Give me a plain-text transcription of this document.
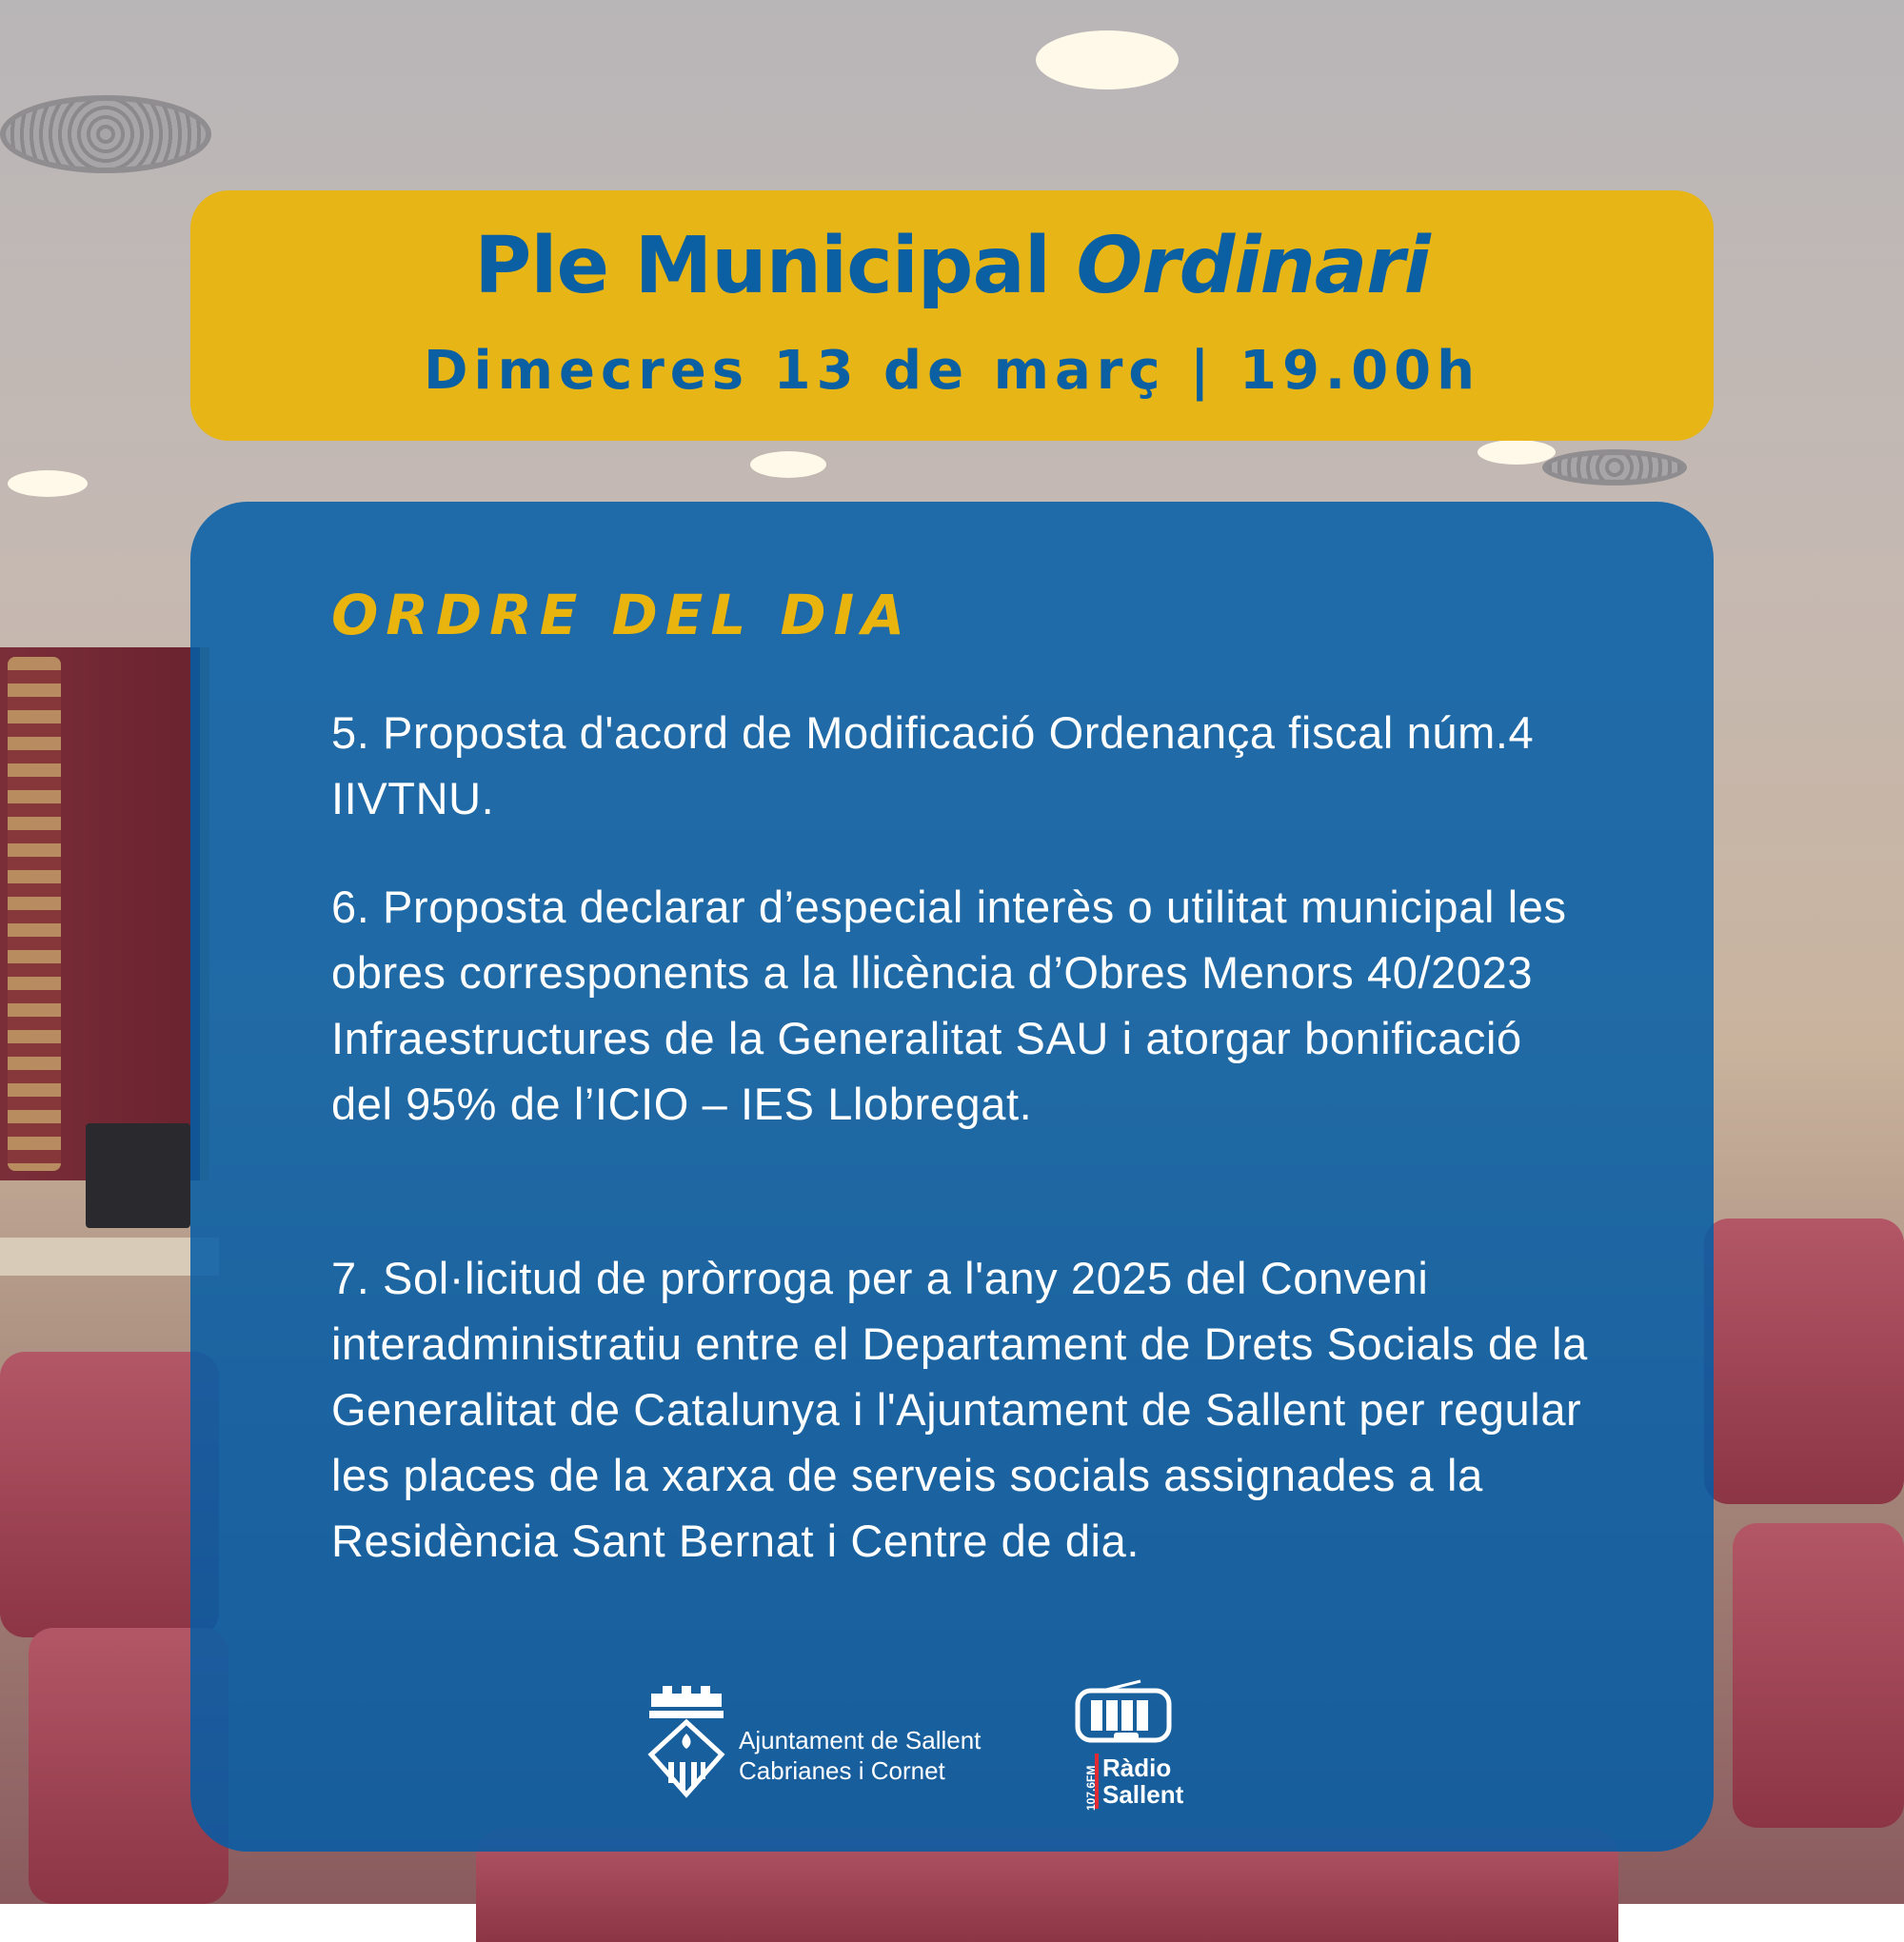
Ple Municipal Ordinari
Dimecres 13 de març | 19.00h
ORDRE DEL DIA

5. Proposta d'acord de Modificació Ordenança fiscal núm.4 IIVTNU.

6. Proposta declarar d’especial interès o utilitat municipal les obres corresponents a la llicència d’Obres Menors 40/2023 Infraestructures de la Generalitat SAU i atorgar bonificació del 95% de l’ICIO – IES Llobregat.

7. Sol·licitud de pròrroga per a l'any 2025 del Conveni interadministratiu entre el Departament de Drets Socials de la Generalitat de Catalunya i l'Ajuntament de Sallent per regular les places de la xarxa de serveis socials assignades a la Residència Sant Bernat i Centre de dia.

Ajuntament de Sallent
Cabrianes i Cornet	107.6FM Ràdio
Sallent
